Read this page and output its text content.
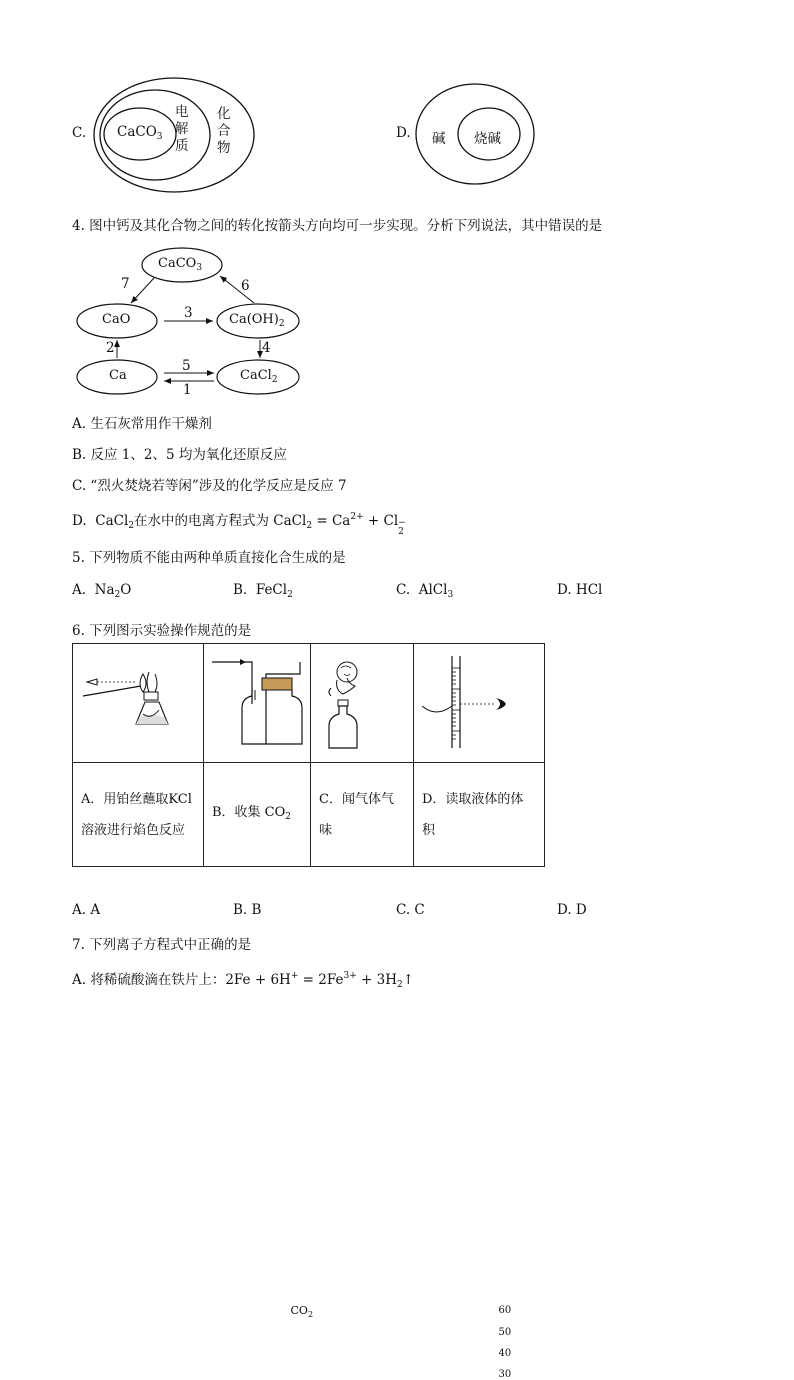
C. CaCO$_3$
电
解
质
化
合
物
D. 碱 烧碱
4. 图中钙及其化合物之间的转化按箭头方向均可一步实现。分析下列说法，其中错误的是
CaCO$_3$
CaO	$Ca(OH)_2$
Ca	CaCl$_2$
7	6
3
2	4
5
1
A. 生石灰常用作干燥剂
B. 反应 1、2、5 均为氧化还原反应
C. “烈火焚烧若等闲”涉及的化学反应是反应 7
D. CaCl$_2$在水中的电离方程式为 CaCl$_2$ = $Ca^{2+} + Cl$ −
2
5. 下列物质不能由两种单质直接化合生成的是
A. $Na_2O$	B. FeCl$_2$	C. AlCl$_3$	D. HCl
6. 下列图示实验操作规范的是

$CO_2$		60
50
40
30

A．用铂丝蘸取KCl 溶液进行焰色反应	B．收集 $CO_2$	C．闻气体气味	D．读取液体的体积
A. A	B. B	C. C	D. D
7. 下列离子方程式中正确的是
A. 将稀硫酸滴在铁片上：$2Fe + 6H^+ = 2Fe^{3+}$ + $3H_2↑$
